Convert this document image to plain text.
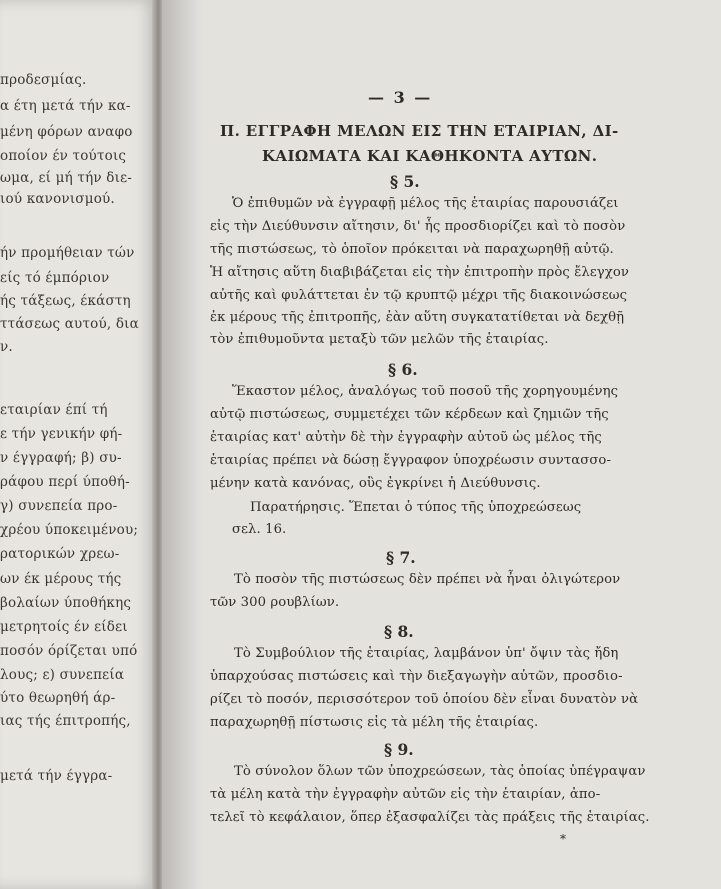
προδεσμίας.
α έτη μετά τήν κα-
μένη φόρων αναφο
οποίον έν τούτοις
ωμα, εί μή τήν διε-
ιού κανονισμού.
ήν προμήθειαν τών
είς τό έμπόριον
ής τάξεως, έκάστη
ττάσεως αυτού, δια
ν.
εταιρίαν έπί τή
ε τήν γενικήν φή-
ν έγγραφή; β) συ-
ράφου περί ύποθή-
γ) συνεπεία προ-
χρέου ύποκειμένου;
ρατορικών χρεω-
ων έκ μέρους τής
βολαίων ύποθήκης
μετρητοίς έν είδει
ποσόν όρίζεται υπό
λους; ε) συνεπεία
ύτο θεωρηθή άρ-
ιας τής έπιτροπής,
μετά τήν έγγρα-
— 3 —
Π. ΕΓΓΡΑΦΗ ΜΕΛΩΝ ΕΙΣ ΤΗΝ ΕΤΑΙΡΙΑΝ, ΔΙ-
ΚΑΙΩΜΑΤΑ ΚΑΙ ΚΑΘΗΚΟΝΤΑ ΑΥΤΩΝ.
§ 5.
Ὁ ἐπιθυμῶν νὰ ἐγγραφῇ μέλος τῆς ἑταιρίας παρουσιάζει
εἰς τὴν Διεύθυνσιν αἴτησιν, δι' ἧς προσδιορίζει καὶ τὸ ποσὸν
τῆς πιστώσεως, τὸ ὁποῖον πρόκειται νὰ παραχωρηθῇ αὐτῷ.
Ἡ αἴτησις αὕτη διαβιβάζεται εἰς τὴν ἐπιτροπὴν πρὸς ἔλεγχον
αὐτῆς καὶ φυλάττεται ἐν τῷ κρυπτῷ μέχρι τῆς διακοινώσεως
ἐκ μέρους τῆς ἐπιτροπῆς, ἐὰν αὕτη συγκατατίθεται νὰ δεχθῇ
τὸν ἐπιθυμοῦντα μεταξὺ τῶν μελῶν τῆς ἑταιρίας.
§ 6.
Ἕκαστον μέλος, ἀναλόγως τοῦ ποσοῦ τῆς χορηγουμένης
αὐτῷ πιστώσεως, συμμετέχει τῶν κέρδεων καὶ ζημιῶν τῆς
ἑταιρίας κατ' αὐτὴν δὲ τὴν ἐγγραφὴν αὐτοῦ ὡς μέλος τῆς
ἑταιρίας πρέπει νὰ δώσῃ ἔγγραφον ὑποχρέωσιν συντασσο-
μένην κατὰ κανόνας, οὓς ἐγκρίνει ἡ Διεύθυνσις.
Παρατήρησις. Ἕπεται ὁ τύπος τῆς ὑποχρεώσεως
σελ. 16.
§ 7.
Τὸ ποσὸν τῆς πιστώσεως δὲν πρέπει νὰ ἦναι ὀλιγώτερον
τῶν 300 ρουβλίων.
§ 8.
Τὸ Συμβούλιον τῆς ἑταιρίας, λαμβάνον ὑπ' ὄψιν τὰς ἤδη
ὑπαρχούσας πιστώσεις καὶ τὴν διεξαγωγὴν αὐτῶν, προσδιο-
ρίζει τὸ ποσόν, περισσότερον τοῦ ὁποίου δὲν εἶναι δυνατὸν νὰ
παραχωρηθῇ πίστωσις εἰς τὰ μέλη τῆς ἑταιρίας.
§ 9.
Τὸ σύνολον ὅλων τῶν ὑποχρεώσεων, τὰς ὁποίας ὑπέγραψαν
τὰ μέλη κατὰ τὴν ἐγγραφὴν αὐτῶν εἰς τὴν ἑταιρίαν, ἀπο-
τελεῖ τὸ κεφάλαιον, ὅπερ ἐξασφαλίζει τὰς πράξεις τῆς ἑταιρίας.
*
